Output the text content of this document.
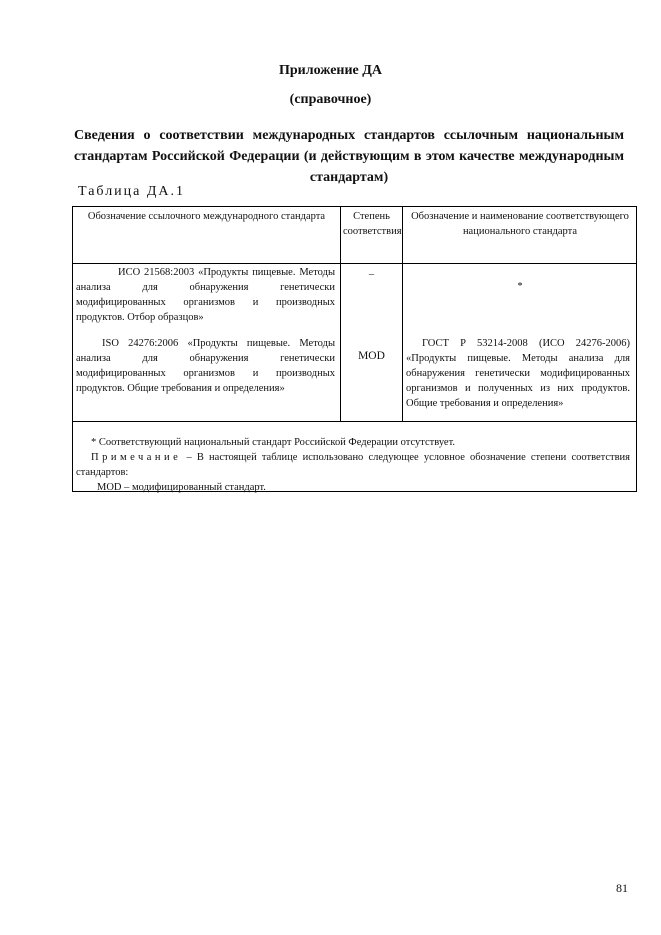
Приложение ДА
(справочное)
Сведения о соответствии международных стандартов ссылочным национальным стандартам Российской Федерации (и действующим в этом качестве международным стандартам)
Таблица ДА.1
Обозначение ссылочного международного стандарта	Степень соответствия
Обозначение и наименование соответствующего национального стандарта
ИСО 21568:2003 «Продукты пищевые. Методы анализа для обнаружения генетически модифицированных организмов и производных продуктов. Отбор образцов»
–
*
ISO 24276:2006 «Продукты пищевые. Методы анализа для обнаружения генетически модифицированных организмов и производных продуктов. Общие требования и определения»
MOD
ГОСТ Р 53214-2008 (ИСО 24276-2006) «Продукты пищевые. Методы анализа для обнаружения генетически модифицированных организмов и полученных из них продуктов. Общие требования и определения»
* Соответствующий национальный стандарт Российской Федерации отсутствует.
Примечание – В настоящей таблице использовано следующее условное обозначение степени соответствия стандартов:
MOD – модифицированный стандарт.
81
